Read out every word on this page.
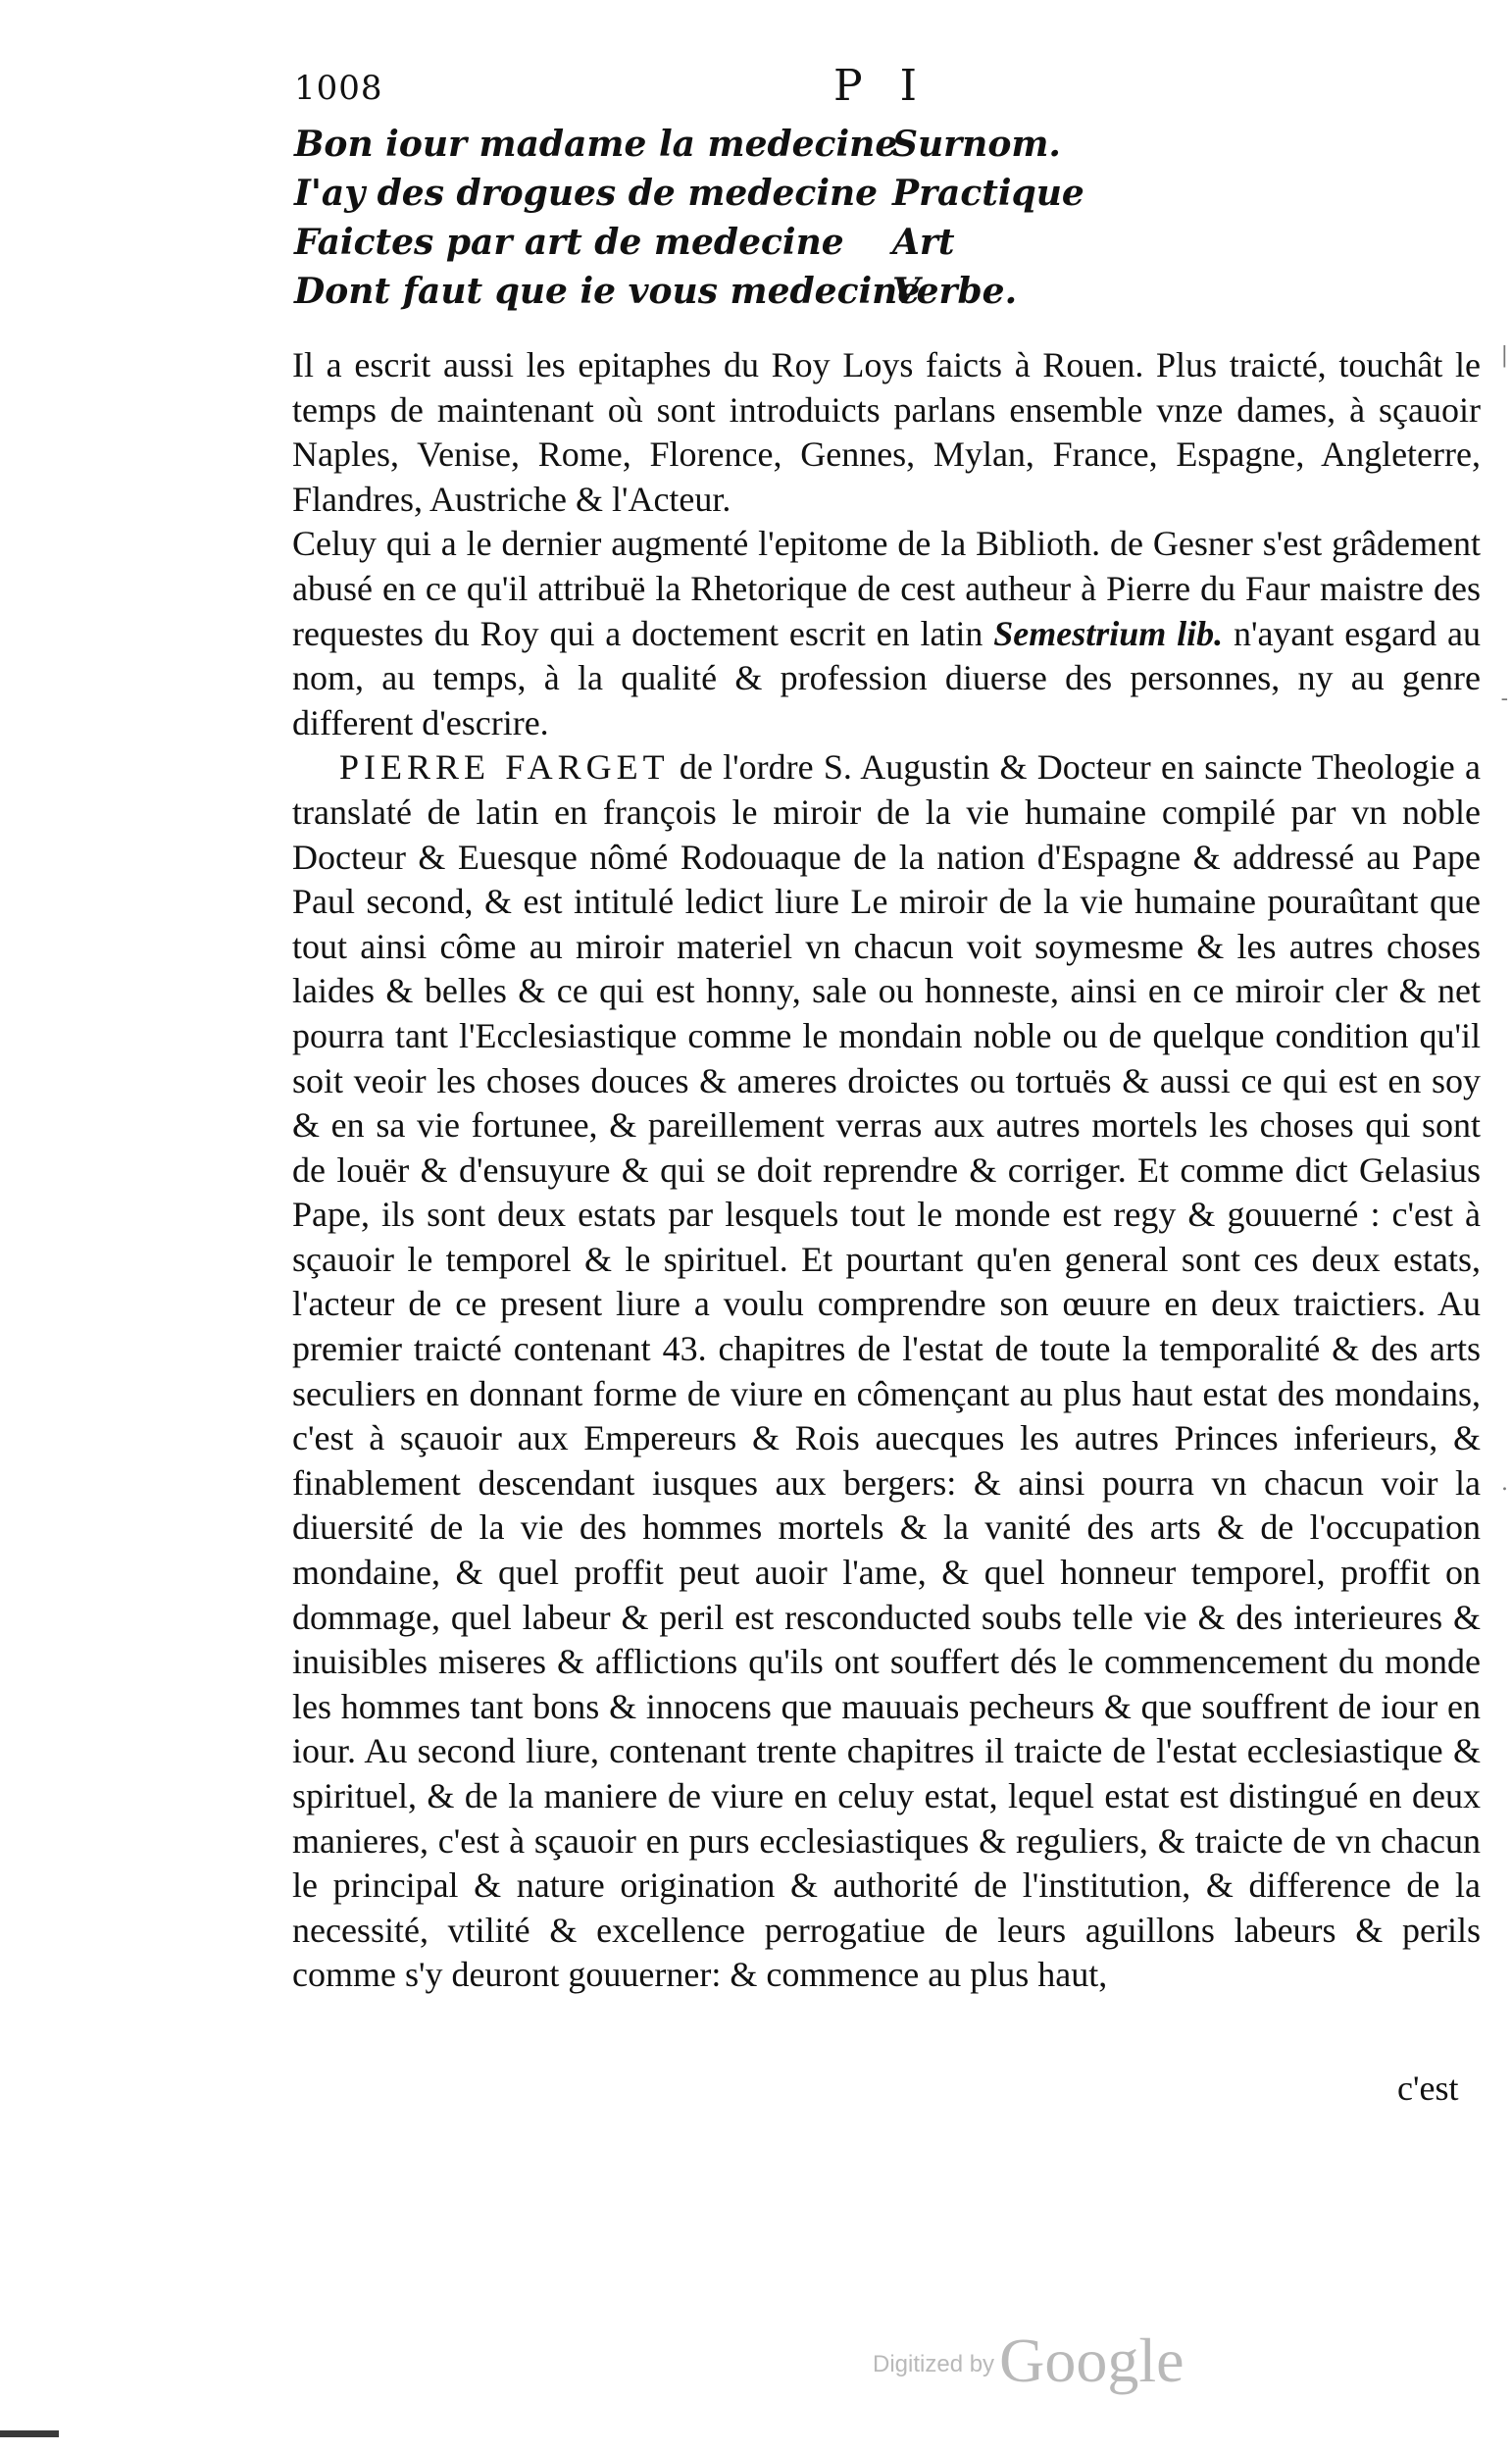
1008	P I
Bon iour madame la medecine
Surnom.
I'ay des drogues de medecine Practique
Faictes par art de medecine Art
Dont faut que ie vous medecine
Verbe.

Il a escrit aussi les epitaphes du Roy Loys faicts à Rouen. Plus traicté, touchât le temps de maintenant où sont introduicts parlans ensemble vnze dames, à sçauoir Naples, Venise, Rome, Florence, Gennes, Mylan, France, Espagne, Angleterre, Flandres, Austriche & l'Acteur.

Celuy qui a le dernier augmenté l'epitome de la Biblioth. de Gesner s'est grâdement abusé en ce qu'il attribuë la Rhetorique de cest autheur à Pierre du Faur maistre des requestes du Roy qui a doctement escrit en latin Semestrium lib. n'ayant esgard au nom, au temps, à la qualité & profession diuerse des personnes, ny au genre different d'escrire.

PIERRE FARGET de l'ordre S. Augustin & Docteur en saincte Theologie a translaté de latin en françois le miroir de la vie humaine compilé par vn noble Docteur & Euesque nômé Rodouaque de la nation d'Espagne & addressé au Pape Paul second, & est intitulé ledict liure Le miroir de la vie humaine pouraûtant que tout ainsi côme au miroir materiel vn chacun voit soymesme & les autres choses laides & belles & ce qui est honny, sale ou honneste, ainsi en ce miroir cler & net pourra tant l'Ecclesiastique comme le mondain noble ou de quelque condition qu'il soit veoir les choses douces & ameres droictes ou tortuës & aussi ce qui est en soy & en sa vie fortunee, & pareillement verras aux autres mortels les choses qui sont de louër & d'ensuyure & qui se doit reprendre & corriger. Et comme dict Gelasius Pape, ils sont deux estats par lesquels tout le monde est regy & gouuerné : c'est à sçauoir le temporel & le spirituel. Et pourtant qu'en general sont ces deux estats, l'acteur de ce present liure a voulu comprendre son œuure en deux traictiers. Au premier traicté contenant 43. chapitres de l'estat de toute la temporalité & des arts seculiers en donnant forme de viure en cômençant au plus haut estat des mondains, c'est à sçauoir aux Empereurs & Rois auecques les autres Princes inferieurs, & finablement descendant iusques aux bergers: & ainsi pourra vn chacun voir la diuersité de la vie des hommes mortels & la vanité des arts & de l'occupation mondaine, & quel proffit peut auoir l'ame, & quel honneur temporel, proffit on dommage, quel labeur & peril est resconducted soubs telle vie & des interieures & inuisibles miseres & afflictions qu'ils ont souffert dés le commencement du monde les hommes tant bons & innocens que mauuais pecheurs & que souffrent de iour en iour. Au second liure, contenant trente chapitres il traicte de l'estat ecclesiastique & spirituel, & de la maniere de viure en celuy estat, lequel estat est distingué en deux manieres, c'est à sçauoir en purs ecclesiastiques & reguliers, & traicte de vn chacun le principal & nature origination & authorité de l'institution, & difference de la necessité, vtilité & excellence perrogatiue de leurs aguillons labeurs & perils comme s'y deuront gouuerner: & commence au plus haut,

c'est
Digitized by Google
|
-
.
